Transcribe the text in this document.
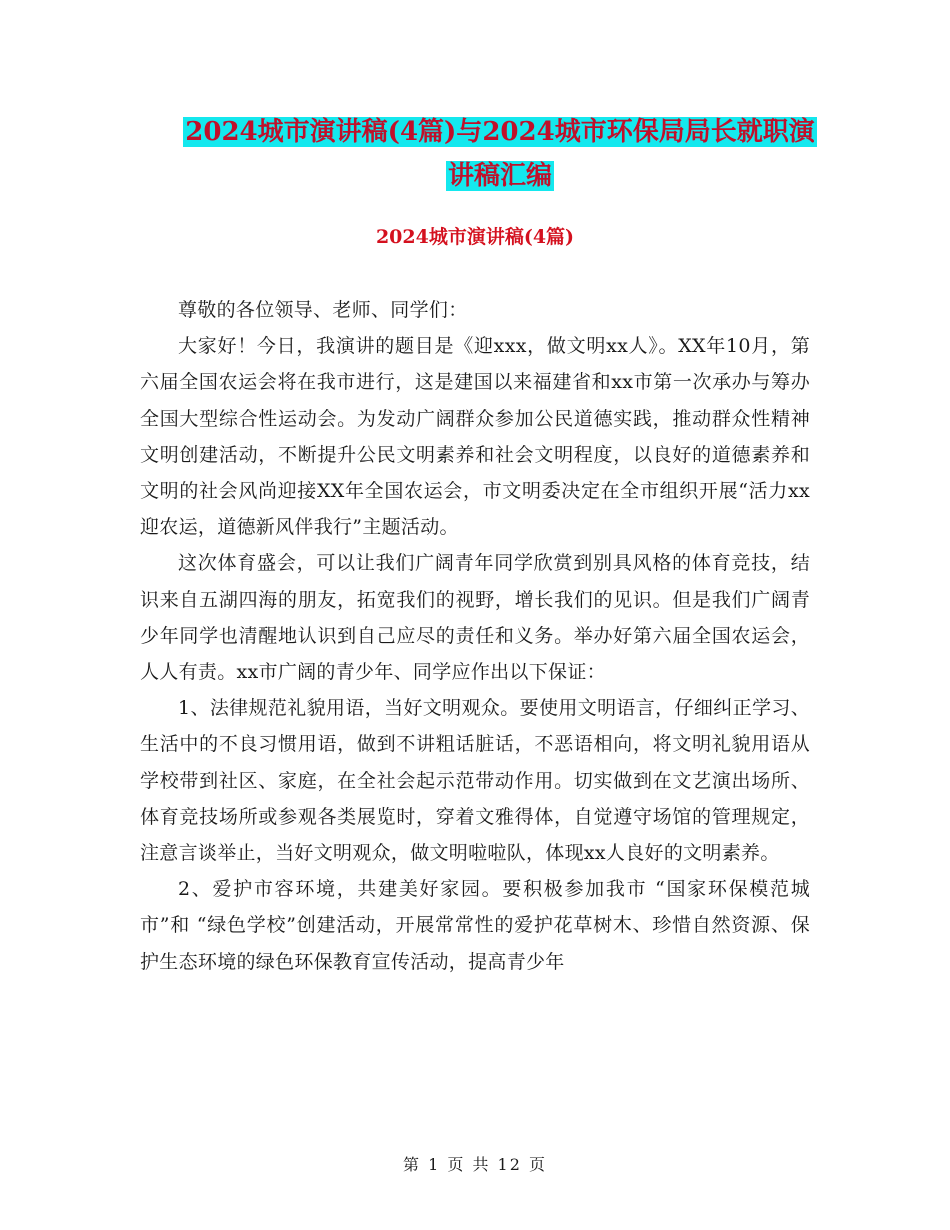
2024城市演讲稿(4篇)与2024城市环保局局长就职演讲稿汇编
2024城市演讲稿(4篇)

尊敬的各位领导、老师、同学们：

大家好！今日，我演讲的题目是《迎xxx，做文明xx人》。XX年10月，第六届全国农运会将在我市进行，这是建国以来福建省和xx市第一次承办与筹办全国大型综合性运动会。为发动广阔群众参加公民道德实践，推动群众性精神文明创建活动，不断提升公民文明素养和社会文明程度，以良好的道德素养和文明的社会风尚迎接XX年全国农运会，市文明委决定在全市组织开展“活力xx迎农运，道德新风伴我行”主题活动。

这次体育盛会，可以让我们广阔青年同学欣赏到别具风格的体育竞技，结识来自五湖四海的朋友，拓宽我们的视野，增长我们的见识。但是我们广阔青少年同学也清醒地认识到自己应尽的责任和义务。举办好第六届全国农运会，人人有责。xx市广阔的青少年、同学应作出以下保证：

1、法律规范礼貌用语，当好文明观众。要使用文明语言，仔细纠正学习、生活中的不良习惯用语，做到不讲粗话脏话，不恶语相向，将文明礼貌用语从学校带到社区、家庭，在全社会起示范带动作用。切实做到在文艺演出场所、体育竞技场所或参观各类展览时，穿着文雅得体，自觉遵守场馆的管理规定，注意言谈举止，当好文明观众，做文明啦啦队，体现xx人良好的文明素养。

2、爱护市容环境，共建美好家园。要积极参加我市 “国家环保模范城市”和 “绿色学校”创建活动，开展常常性的爱护花草树木、珍惜自然资源、保护生态环境的绿色环保教育宣传活动，提高青少年

第 1 页 共 12 页
